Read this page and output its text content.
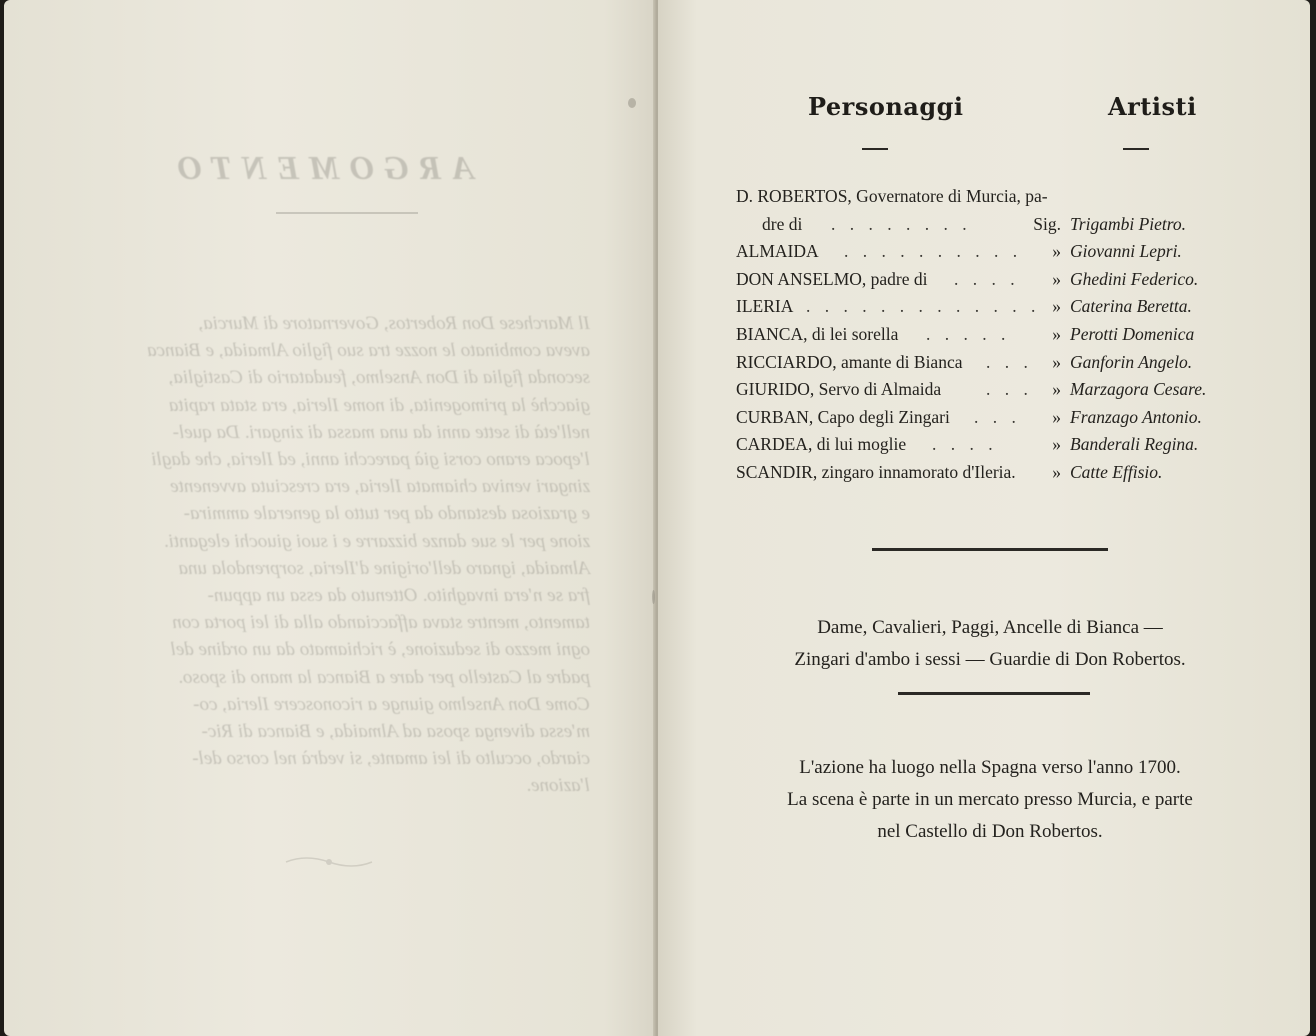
ARGOMENTO
Il Marchese Don Robertos, Governatore di Murcia,
aveva combinato le nozze tra suo figlio Almaida, e Bianca
seconda figlia di Don Anselmo, feudatario di Castiglia,
giacchè la primogenita, di nome Ileria, era stata rapita
nell'età di sette anni da una massa di zingari. Da quel-
l'epoca erano corsi già parecchi anni, ed Ileria, che dagli
zingari veniva chiamata Ileria, era cresciuta avvenente
e graziosa destando da per tutto la generale ammira-
zione per le sue danze bizzarre e i suoi giuochi eleganti.
Almaida, ignaro dell'origine d'Ileria, sorprendola una
fra se n'era invaghito. Ottenuto da essa un appun-
tamento, mentre stava affacciando alla di lei porta con
ogni mezzo di seduzione, è richiamato da un ordine del
padre al Castello per dare a Bianca la mano di sposo.
Come Don Anselmo giunge a riconoscere Ileria, co-
m'essa divenga sposa ad Almaida, e Bianca di Ric-
ciardo, occulto di lei amante, si vedrà nel corso del-
l'azione.
Personaggi	Artisti
D. ROBERTOS, Governatore di Murcia, pa-
dre di . . . . . . . .	Sig. Trigambi Pietro.
ALMAIDA . . . . . . . . . .	» Giovanni Lepri.
DON ANSELMO, padre di . . . .	» Ghedini Federico.
ILERIA . . . . . . . . . . . . . » Caterina Beretta.
BIANCA, di lei sorella . . . . .	» Perotti Domenica
RICCIARDO, amante di Bianca . . .	» Ganforin Angelo.
GIURIDO, Servo di Almaida	. . .	» Marzagora Cesare.
CURBAN, Capo degli Zingari . . .	» Franzago Antonio.
CARDEA, di lui moglie . . . .	» Banderali Regina.
SCANDIR, zingaro innamorato d'Ileria.	» Catte Effisio.
Dame, Cavalieri, Paggi, Ancelle di Bianca —
Zingari d'ambo i sessi — Guardie di Don Robertos.
L'azione ha luogo nella Spagna verso l'anno 1700.
La scena è parte in un mercato presso Murcia, e parte
nel Castello di Don Robertos.
